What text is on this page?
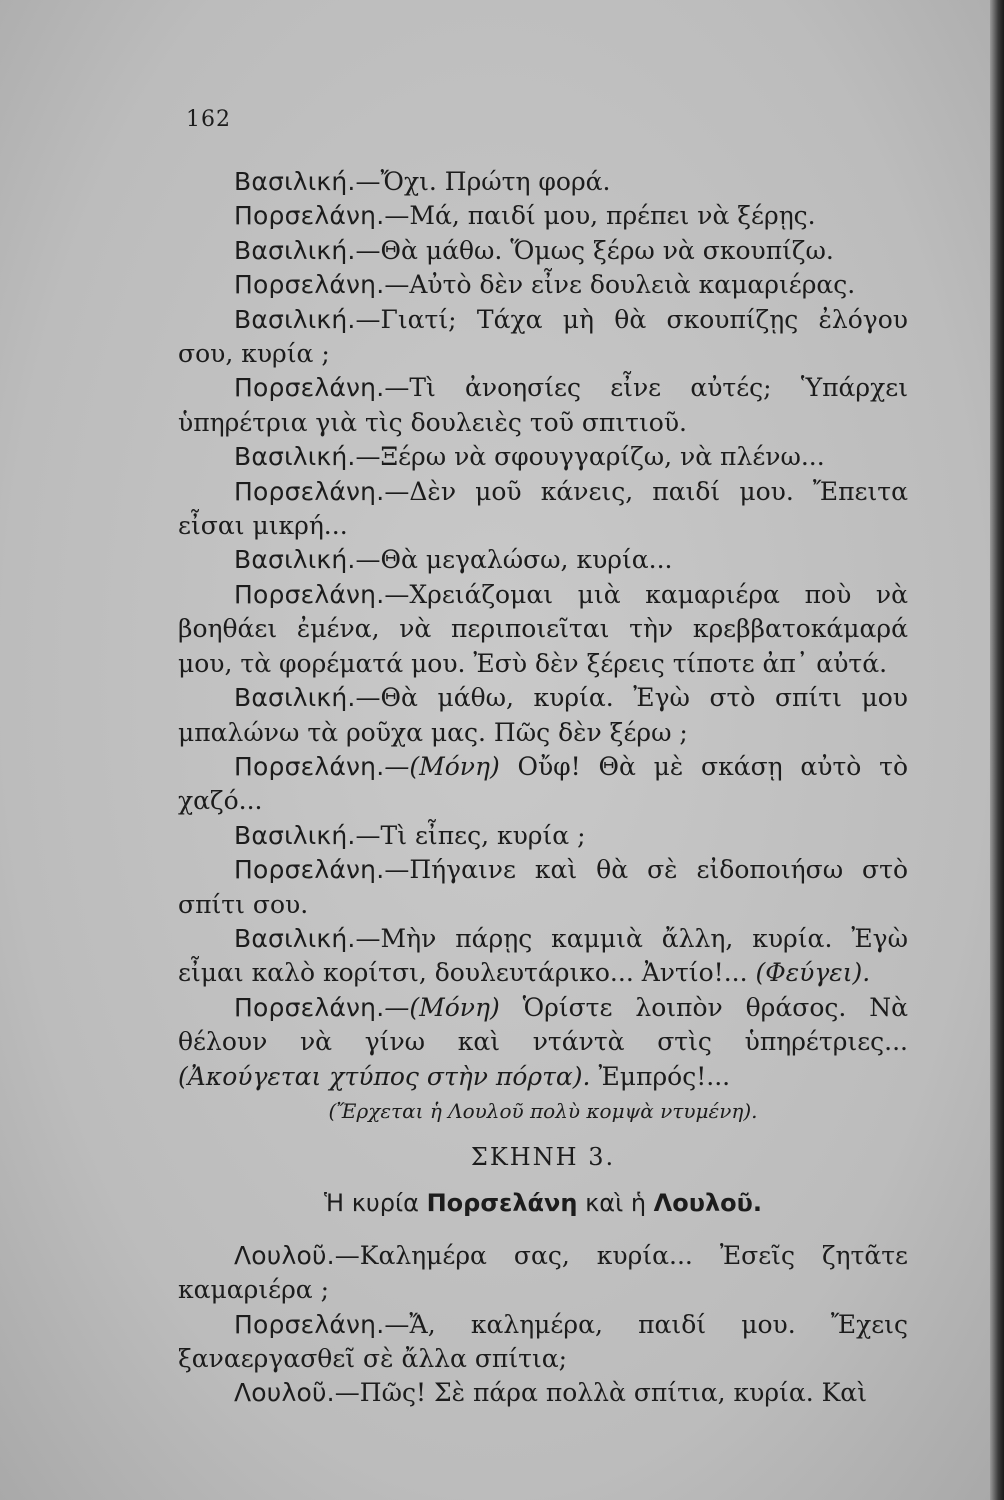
162

Βασιλική.—Ὄχι. Πρώτη φορά.

Πορσελάνη.—Μά, παιδί μου, πρέπει νὰ ξέρῃς.

Βασιλική.—Θὰ μάθω. Ὅμως ξέρω νὰ σκουπίζω.

Πορσελάνη.—Αὐτὸ δὲν εἶνε δουλειὰ καμαριέρας.

Βασιλική.—Γιατί; Τάχα μὴ θὰ σκουπίζῃς ἐλόγου σου, κυρία ;

Πορσελάνη.—Τὶ ἀνοησίες εἶνε αὐτές; Ὑπάρχει ὑπηρέτρια γιὰ τὶς δουλειὲς τοῦ σπιτιοῦ.

Βασιλική.—Ξέρω νὰ σφουγγαρίζω, νὰ πλένω...

Πορσελάνη.—Δὲν μοῦ κάνεις, παιδί μου. Ἔπειτα εἶσαι μικρή...

Βασιλική.—Θὰ μεγαλώσω, κυρία...

Πορσελάνη.—Χρειάζομαι μιὰ καμαριέρα ποὺ νὰ βοηθάει ἐμένα, νὰ περιποιεῖται τὴν κρεββατοκάμαρά μου, τὰ φορέματά μου. Ἐσὺ δὲν ξέρεις τίποτε ἀπ᾿ αὐτά.

Βασιλική.—Θὰ μάθω, κυρία. Ἐγὼ στὸ σπίτι μου μπαλώνω τὰ ροῦχα μας. Πῶς δὲν ξέρω ;

Πορσελάνη.—(Μόνη) Οὔφ! Θὰ μὲ σκάσῃ αὐτὸ τὸ χαζό...

Βασιλική.—Τὶ εἶπες, κυρία ;

Πορσελάνη.—Πήγαινε καὶ θὰ σὲ εἰδοποιήσω στὸ σπίτι σου.

Βασιλική.—Μὴν πάρῃς καμμιὰ ἄλλη, κυρία. Ἐγὼ εἶμαι καλὸ κορίτσι, δουλευτάρικο... Ἀντίο!... (Φεύγει).

Πορσελάνη.—(Μόνη) Ὁρίστε λοιπὸν θράσος. Νὰ θέλουν νὰ γίνω καὶ ντάντὰ στὶς ὑπηρέτριες... (Ἀκούγεται χτύπος στὴν πόρτα). Ἐμπρός!...

(Ἔρχεται ἡ Λουλοῦ πολὺ κομψὰ ντυμένη).

ΣΚΗΝΗ 3.

Ἡ κυρία Πορσελάνη καὶ ἡ Λουλοῦ.

Λουλοῦ.—Καλημέρα σας, κυρία... Ἐσεῖς ζητᾶτε καμαριέρα ;

Πορσελάνη.—Ἄ, καλημέρα, παιδί μου. Ἔχεις ξαναεργασθεῖ σὲ ἄλλα σπίτια;

Λουλοῦ.—Πῶς! Σὲ πάρα πολλὰ σπίτια, κυρία. Καὶ
